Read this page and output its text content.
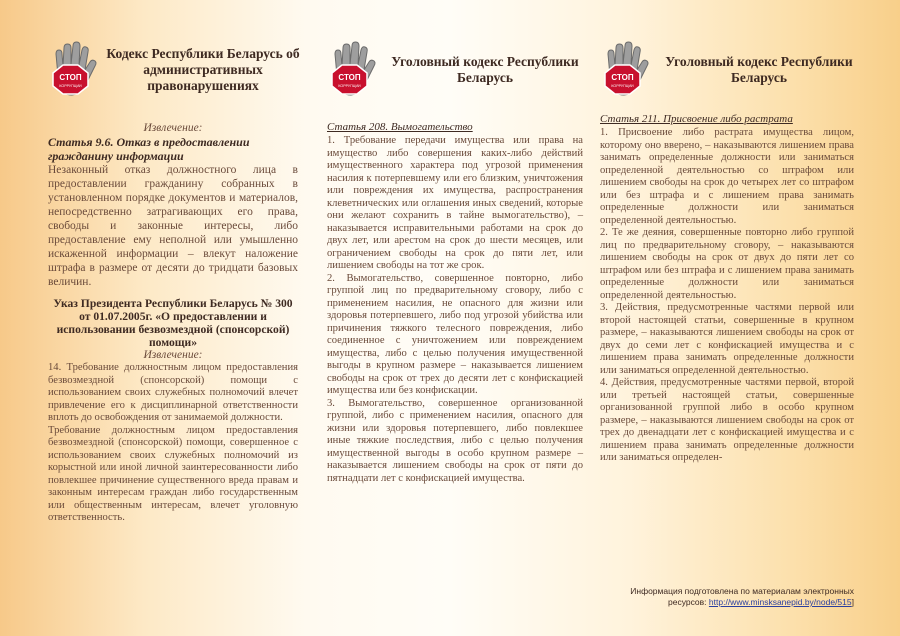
СТОП
КОРРУПЦИИ
Кодекс Республики Беларусь об административных правонарушениях
Извлечение:
Статья 9.6. Отказ в предоставлении гражданину информации

Незаконный отказ должностного лица в предоставлении гражданину собранных в установленном порядке документов и материалов, непосредственно затрагивающих его права, свободы и законные интересы, либо предоставление ему неполной или умышленно искаженной информации – влекут наложение штрафа в размере от десяти до тридцати базовых величин.

Указ Президента Республики Беларусь № 300 от 01.07.2005г. «О предоставлении и использовании безвозмездной (спонсорской) помощи»
Извлечение:

14. Требование должностным лицом предоставления безвозмездной (спонсорской) помощи с использованием своих служебных полномочий влечет привлечение его к дисциплинарной ответственности вплоть до освобождения от занимаемой должности.

Требование должностным лицом предоставления безвозмездной (спонсорской) помощи, совершенное с использованием своих служебных полномочий из корыстной или иной личной заинтересованности либо повлекшее причинение существенного вреда правам и законным интересам граждан либо государственным или общественным интересам, влечет уголовную ответственность.

СТОП
КОРРУПЦИИ
Уголовный кодекс Республики Беларусь
Статья 208. Вымогательство

1. Требование передачи имущества или права на имущество либо совершения каких-либо действий имущественного характера под угрозой применения насилия к потерпевшему или его близким, уничтожения или повреждения их имущества, распространения клеветнических или оглашения иных сведений, которые они желают сохранить в тайне вымогательство), – наказывается исправительными работами на срок до двух лет, или арестом на срок до шести месяцев, или ограничением свободы на срок до пяти лет, или лишением свободы на тот же срок.

2. Вымогательство, совершенное повторно, либо группой лиц по предварительному сговору, либо с применением насилия, не опасного для жизни или здоровья потерпевшего, либо под угрозой убийства или причинения тяжкого телесного повреждения, либо соединенное с уничтожением или повреждением имущества, либо с целью получения имущественной выгоды в крупном размере – наказывается лишением свободы на срок от трех до десяти лет с конфискацией имущества или без конфискации.

3. Вымогательство, совершенное организованной группой, либо с применением насилия, опасного для жизни или здоровья потерпевшего, либо повлекшее иные тяжкие последствия, либо с целью получения имущественной выгоды в особо крупном размере – наказывается лишением свободы на срок от пяти до пятнадцати лет с конфискацией имущества.

СТОП
КОРРУПЦИИ
Уголовный кодекс Республики Беларусь
Статья 211. Присвоение либо растрата

1. Присвоение либо растрата имущества лицом, которому оно вверено, – наказываются лишением права занимать определенные должности или заниматься определенной деятельностью со штрафом или лишением свободы на срок до четырех лет со штрафом или без штрафа и с лишением права занимать определенные должности или заниматься определенной деятельностью.

2. Те же деяния, совершенные повторно либо группой лиц по предварительному сговору, – наказываются лишением свободы на срок от двух до пяти лет со штрафом или без штрафа и с лишением права занимать определенные должности или заниматься определенной деятельностью.

3. Действия, предусмотренные частями первой или второй настоящей статьи, совершенные в крупном размере, – наказываются лишением свободы на срок от двух до семи лет с конфискацией имущества и с лишением права занимать определенные должности или заниматься определенной деятельностью.

4. Действия, предусмотренные частями первой, второй или третьей настоящей статьи, совершенные организованной группой либо в особо крупном размере, – наказываются лишением свободы на срок от трех до двенадцати лет с конфискацией имущества и с лишением права занимать определенные должности или заниматься определен-

Информация подготовлена по материалам электронных ресурсов: http://www.minsksanepid.by/node/515]
